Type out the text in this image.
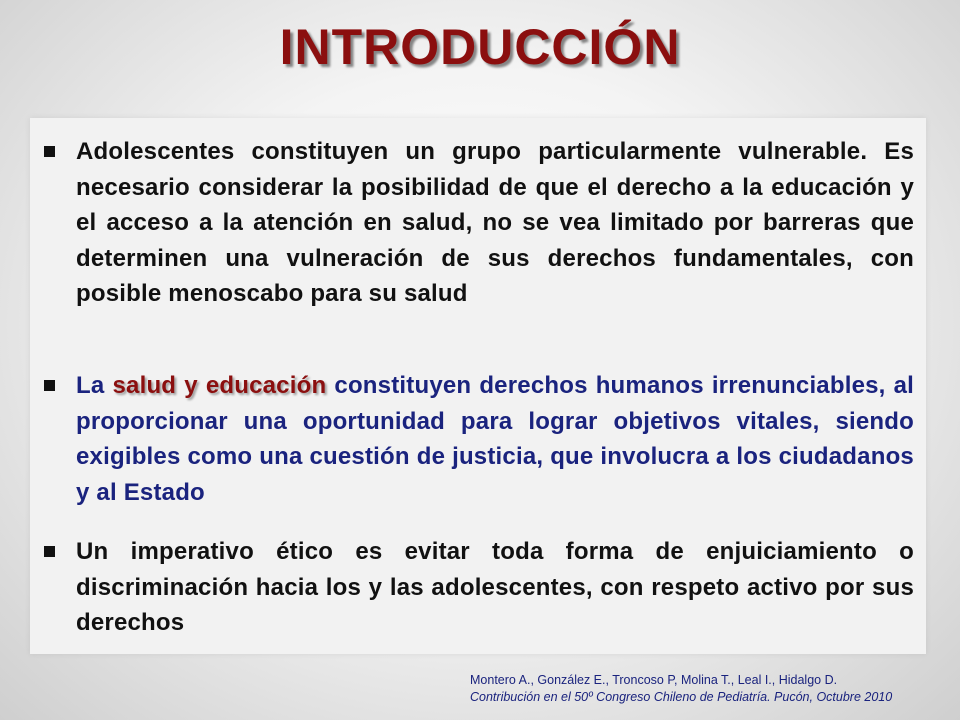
INTRODUCCIÓN
Adolescentes constituyen un grupo particularmente vulnerable. Es necesario considerar la posibilidad de que el derecho a la educación y el acceso a la atención en salud, no se vea limitado por barreras que determinen una vulneración de sus derechos fundamentales, con posible menoscabo para su salud
La salud y educación constituyen derechos humanos irrenunciables, al proporcionar una oportunidad para lograr objetivos vitales, siendo exigibles como una cuestión de justicia, que involucra a los ciudadanos y al Estado
Un imperativo ético es evitar toda forma de enjuiciamiento o discriminación hacia los y las adolescentes, con respeto activo por sus derechos
Montero A., González E., Troncoso P, Molina T., Leal I., Hidalgo D.
Contribución en el 50º Congreso Chileno de Pediatría. Pucón, Octubre 2010
